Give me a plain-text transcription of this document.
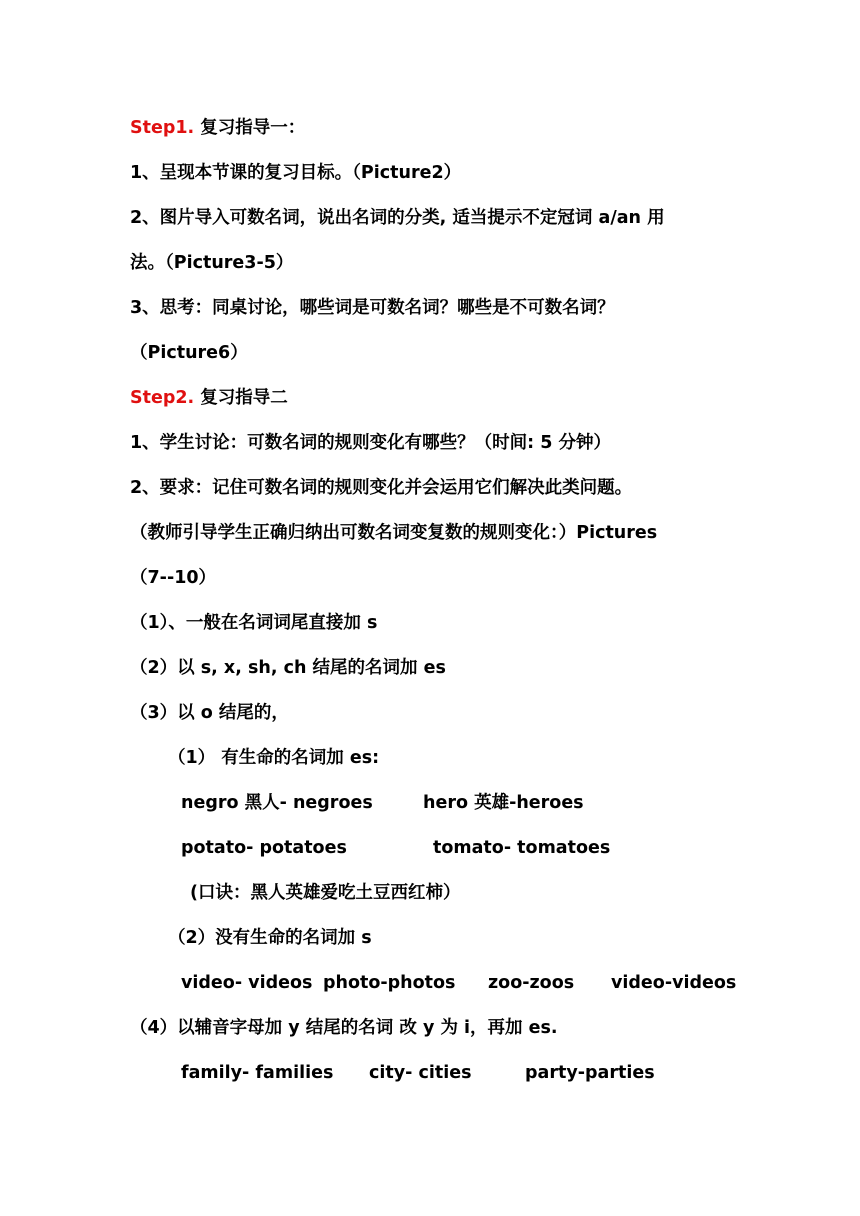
Step1. 复习指导一：
1、呈现本节课的复习目标。（Picture2）
2、图片导入可数名词，说出名词的分类, 适当提示不定冠词 a/an 用
法。（Picture3-5）
3、思考：同桌讨论，哪些词是可数名词？哪些是不可数名词？
（Picture6）
Step2. 复习指导二
1、学生讨论：可数名词的规则变化有哪些？（时间: 5 分钟）
2、要求：记住可数名词的规则变化并会运用它们解决此类问题。
（教师引导学生正确归纳出可数名词变复数的规则变化：）Pictures
（7--10）
（1）、一般在名词词尾直接加 s
（2）以 s, x, sh, ch 结尾的名词加 es
（3）以 o 结尾的，
（1） 有生命的名词加 es:
negro 黑人- negroes	hero 英雄-heroes
potato- potatoes	tomato- tomatoes
(口诀：黑人英雄爱吃土豆西红柿）
（2）没有生命的名词加 s
video- videos photo-photos zoo-zoos video-videos
（4）以辅音字母加 y 结尾的名词 改 y 为 i，再加 es.
family- families city- cities	party-parties
